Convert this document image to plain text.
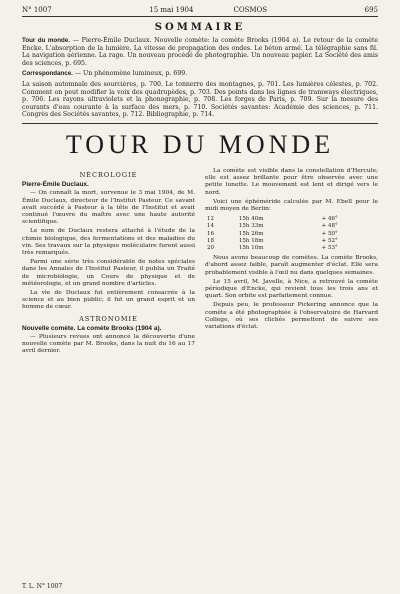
N° 1007	15 mai 1904	COSMOS	695
SOMMAIRE

Tour du monde. — Pierre-Émile Duclaux. Nouvelle comète: la comète Brooks (1904 a). Le retour de la comète Encke. L'absorption de la lumière. La vitesse de propagation des ondes. Le béton armé. La télégraphie sans fil. La navigation aérienne. La rage. Un nouveau procédé de photographie. Un nouveau papier. La Société des amis des sciences, p. 695.

Correspondance. — Un phénomène lumineux, p. 699.

La saison automnale des sourcières, p. 700. Le tonnerre des montagnes, p. 701. Les lumières célestes, p. 702. Comment on peut modifier la voix des quadrupèdes, p. 703. Des points dans les lignes de tramways électriques, p. 706. Les rayons ultraviolets et la phonographie, p. 708. Les forges de Paris, p. 709. Sur la mesure des courants d'eau courante à la surface des mers, p. 710. Sociétés savantes: Académie des sciences, p. 711. Congrès des Sociétés savantes, p. 712. Bibliographie, p. 714.

TOUR DU MONDE
NÉCROLOGIE
Pierre-Émile Duclaux.

— On connaît la mort, survenue le 3 mai 1904, de M. Émile Duclaux, directeur de l'Institut Pasteur. Ce savant avait succédé à Pasteur à la tête de l'Institut et avait continué l'œuvre du maître avec une haute autorité scientifique.

Le nom de Duclaux restera attaché à l'étude de la chimie biologique, des fermentations et des maladies du vin. Ses travaux sur la physique moléculaire furent aussi très remarqués.

Parmi une série très considérable de notes spéciales dans les Annales de l'Institut Pasteur, il publia un Traité de microbiologie, un Cours de physique et de météorologie, et un grand nombre d'articles.

La vie de Duclaux fut entièrement consacrée à la science et au bien public; il fut un grand esprit et un homme de cœur.

ASTRONOMIE
Nouvelle comète. La comète Brooks (1904 a).

— Plusieurs revues ont annoncé la découverte d'une nouvelle comète par M. Brooks, dans la nuit du 16 au 17 avril dernier.

La comète est visible dans la constellation d'Hercule; elle est assez brillante pour être observée avec une petite lunette. Le mouvement est lent et dirigé vers le nord.

Voici une éphéméride calculée par M. Ebell pour le midi moyen de Berlin:

12	15h 40m	+ 46°
14	15h 33m	+ 48°
16	15h 26m	+ 50°
18	15h 18m	+ 52°
20	15h 10m	+ 53°

Nous avons beaucoup de comètes. La comète Brooks, d'abord assez faible, paraît augmenter d'éclat. Elle sera probablement visible à l'œil nu dans quelques semaines.

Le 15 avril, M. Javelle, à Nice, a retrouvé la comète périodique d'Encke, qui revient tous les trois ans et quart. Son orbite est parfaitement connue.

Depuis peu, le professeur Pickering annonce que la comète a été photographiée à l'observatoire de Harvard College, où ses clichés permettent de suivre ses variations d'éclat.

T. L. N° 1007
